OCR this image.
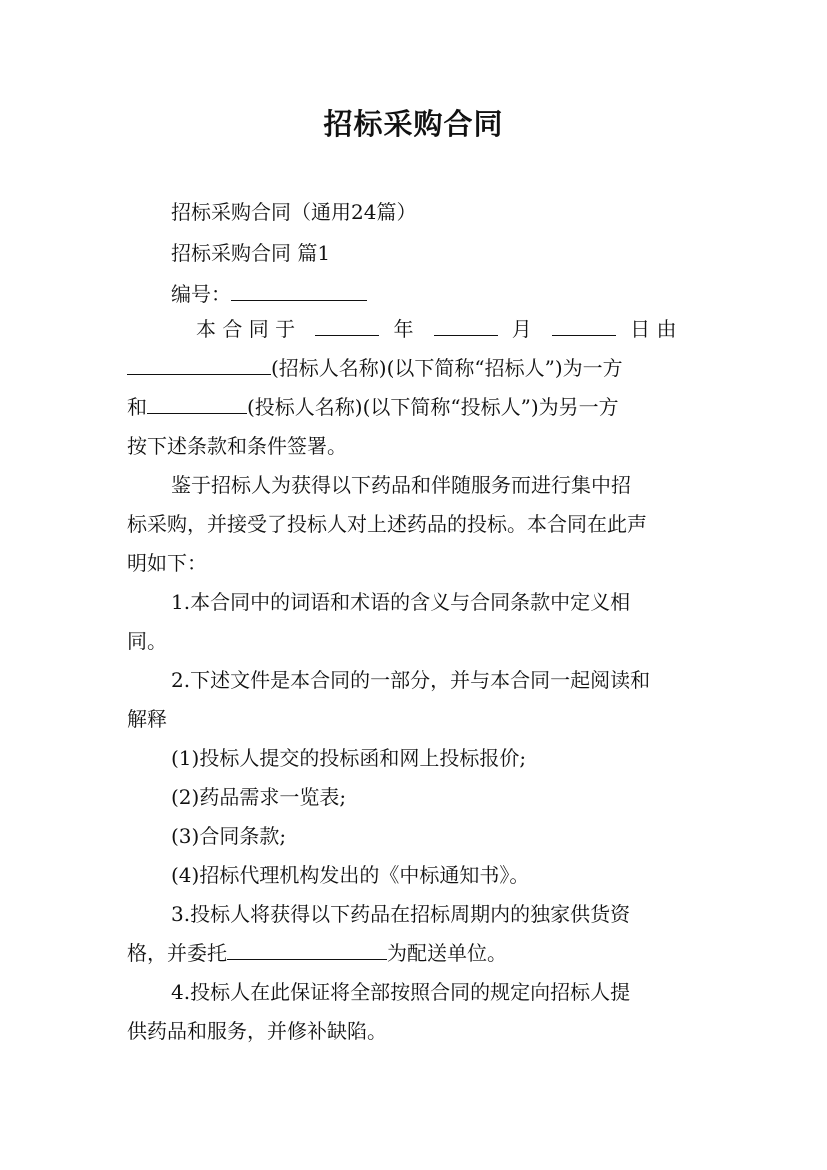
招标采购合同
招标采购合同（通用24篇）
招标采购合同 篇1
编号：
本 合 同 于	年	月	日 由
(招标人名称)(以下简称“招标人”)为一方
和	(投标人名称)(以下简称“投标人”)为另一方
按下述条款和条件签署。
鉴于招标人为获得以下药品和伴随服务而进行集中招
标采购，并接受了投标人对上述药品的投标。本合同在此声
明如下：
1.本合同中的词语和术语的含义与合同条款中定义相
同。
2.下述文件是本合同的一部分，并与本合同一起阅读和
解释
(1)投标人提交的投标函和网上投标报价;
(2)药品需求一览表;
(3)合同条款;
(4)招标代理机构发出的《中标通知书》。
3.投标人将获得以下药品在招标周期内的独家供货资
格，并委托	为配送单位。
4.投标人在此保证将全部按照合同的规定向招标人提
供药品和服务，并修补缺陷。
